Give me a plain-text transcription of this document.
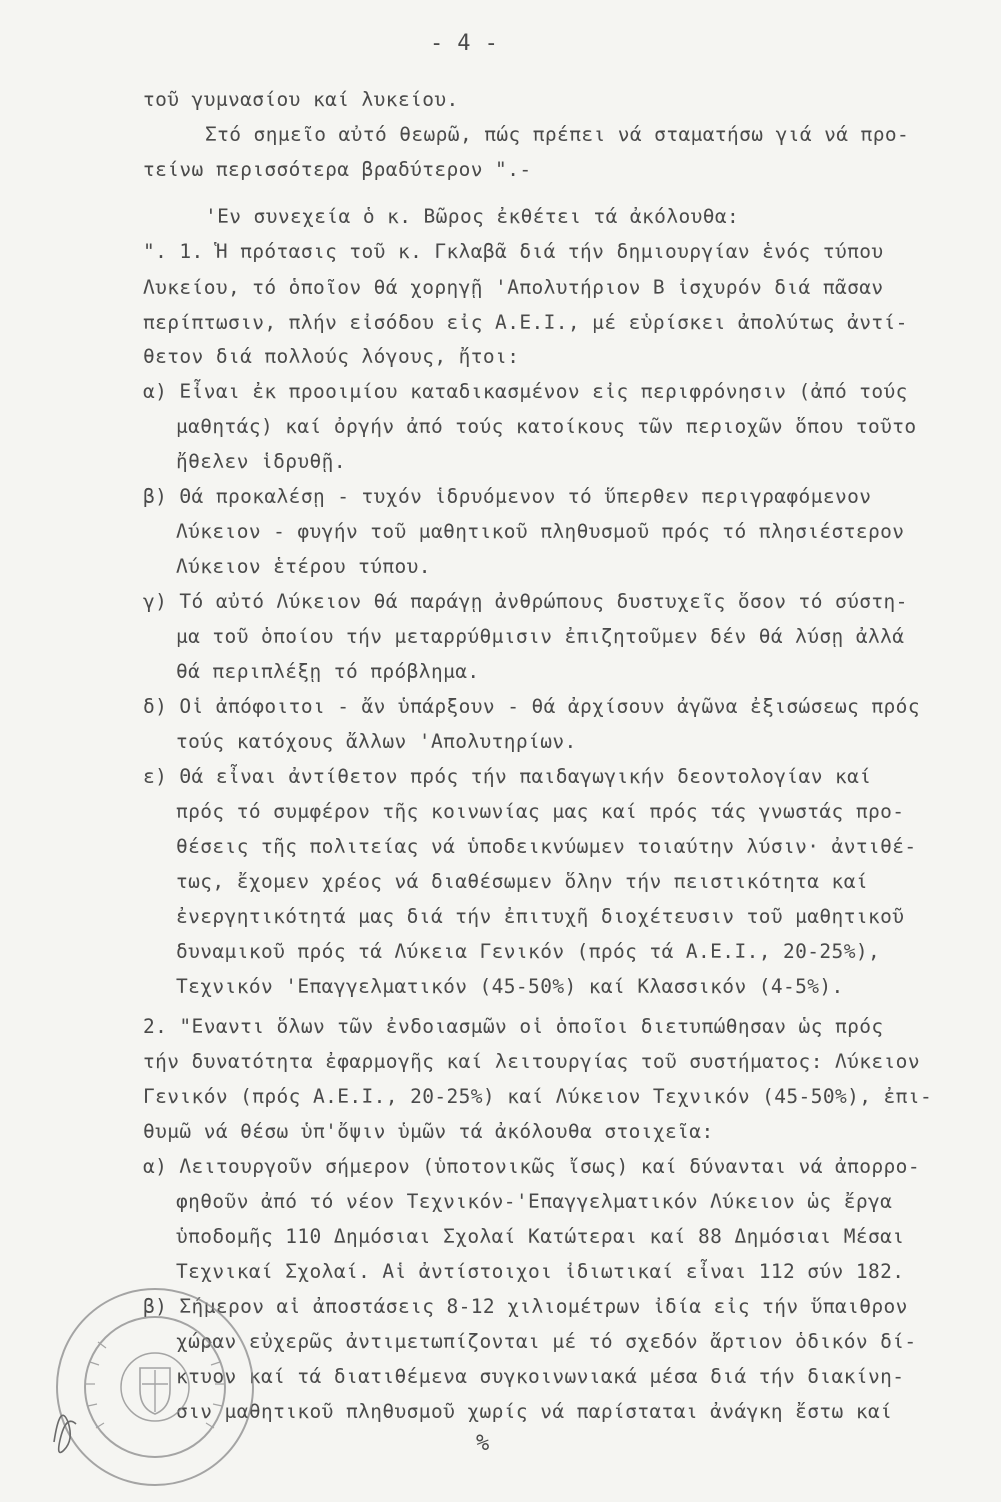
- 4 -
τοῦ γυμνασίου καί λυκείου.
Στό σημεῖο αὐτό θεωρῶ, πώς πρέπει νά σταματήσω γιά νά προ-
τείνω περισσότερα βραδύτερον ".-
'Εν συνεχεία ὁ κ. Βῶρος ἐκθέτει τά ἀκόλουθα:
". 1. Ἡ πρότασις τοῦ κ. Γκλαβᾶ διά τήν δημιουργίαν ἑνός τύπου
Λυκείου, τό ὁποῖον θά χορηγῇ 'Απολυτήριον Β ἰσχυρόν διά πᾶσαν
περίπτωσιν, πλήν εἰσόδου εἰς Α.Ε.Ι., μέ εὑρίσκει ἀπολύτως ἀντί-
θετον διά πολλούς λόγους, ἤτοι:
α) Εἶναι ἐκ προοιμίου καταδικασμένον εἰς περιφρόνησιν (ἀπό τούς
μαθητάς) καί ὀργήν ἀπό τούς κατοίκους τῶν περιοχῶν ὅπου τοῦτο
ἤθελεν ἱδρυθῇ.
β) Θά προκαλέσῃ - τυχόν ἱδρυόμενον τό ὕπερθεν περιγραφόμενον
Λύκειον - φυγήν τοῦ μαθητικοῦ πληθυσμοῦ πρός τό πλησιέστερον
Λύκειον ἑτέρου τύπου.
γ) Τό αὐτό Λύκειον θά παράγῃ ἀνθρώπους δυστυχεῖς ὅσον τό σύστη-
μα τοῦ ὁποίου τήν μεταρρύθμισιν ἐπιζητοῦμεν δέν θά λύσῃ ἀλλά
θά περιπλέξῃ τό πρόβλημα.
δ) Οἱ ἀπόφοιτοι - ἄν ὑπάρξουν - θά ἀρχίσουν ἀγῶνα ἐξισώσεως πρός
τούς κατόχους ἄλλων 'Απολυτηρίων.
ε) Θά εἶναι ἀντίθετον πρός τήν παιδαγωγικήν δεοντολογίαν καί
πρός τό συμφέρον τῆς κοινωνίας μας καί πρός τάς γνωστάς προ-
θέσεις τῆς πολιτείας νά ὑποδεικνύωμεν τοιαύτην λύσιν· ἀντιθέ-
τως, ἔχομεν χρέος νά διαθέσωμεν ὅλην τήν πειστικότητα καί
ἐνεργητικότητά μας διά τήν ἐπιτυχῆ διοχέτευσιν τοῦ μαθητικοῦ
δυναμικοῦ πρός τά Λύκεια Γενικόν (πρός τά Α.Ε.Ι., 20-25%),
Τεχνικόν 'Επαγγελματικόν (45-50%) καί Κλασσικόν (4-5%).
2. "Εναντι ὅλων τῶν ἐνδοιασμῶν οἱ ὁποῖοι διετυπώθησαν ὡς πρός
τήν δυνατότητα ἐφαρμογῆς καί λειτουργίας τοῦ συστήματος: Λύκειον
Γενικόν (πρός Α.Ε.Ι., 20-25%) καί Λύκειον Τεχνικόν (45-50%), ἐπι-
θυμῶ νά θέσω ὑπ'ὄψιν ὑμῶν τά ἀκόλουθα στοιχεῖα:
α) Λειτουργοῦν σήμερον (ὑποτονικῶς ἴσως) καί δύνανται νά ἀπορρο-
φηθοῦν ἀπό τό νέον Τεχνικόν-'Επαγγελματικόν Λύκειον ὡς ἔργα
ὑποδομῆς 110 Δημόσιαι Σχολαί Κατώτεραι καί 88 Δημόσιαι Μέσαι
Τεχνικαί Σχολαί. Αἱ ἀντίστοιχοι ἰδιωτικαί εἶναι 112 σύν 182.
β) Σήμερον αἱ ἀποστάσεις 8-12 χιλιομέτρων ἰδία εἰς τήν ὕπαιθρον
χώραν εὐχερῶς ἀντιμετωπίζονται μέ τό σχεδόν ἄρτιον ὁδικόν δί-
κτυον καί τά διατιθέμενα συγκοινωνιακά μέσα διά τήν διακίνη-
σιν μαθητικοῦ πληθυσμοῦ χωρίς νά παρίσταται ἀνάγκη ἔστω καί
%
